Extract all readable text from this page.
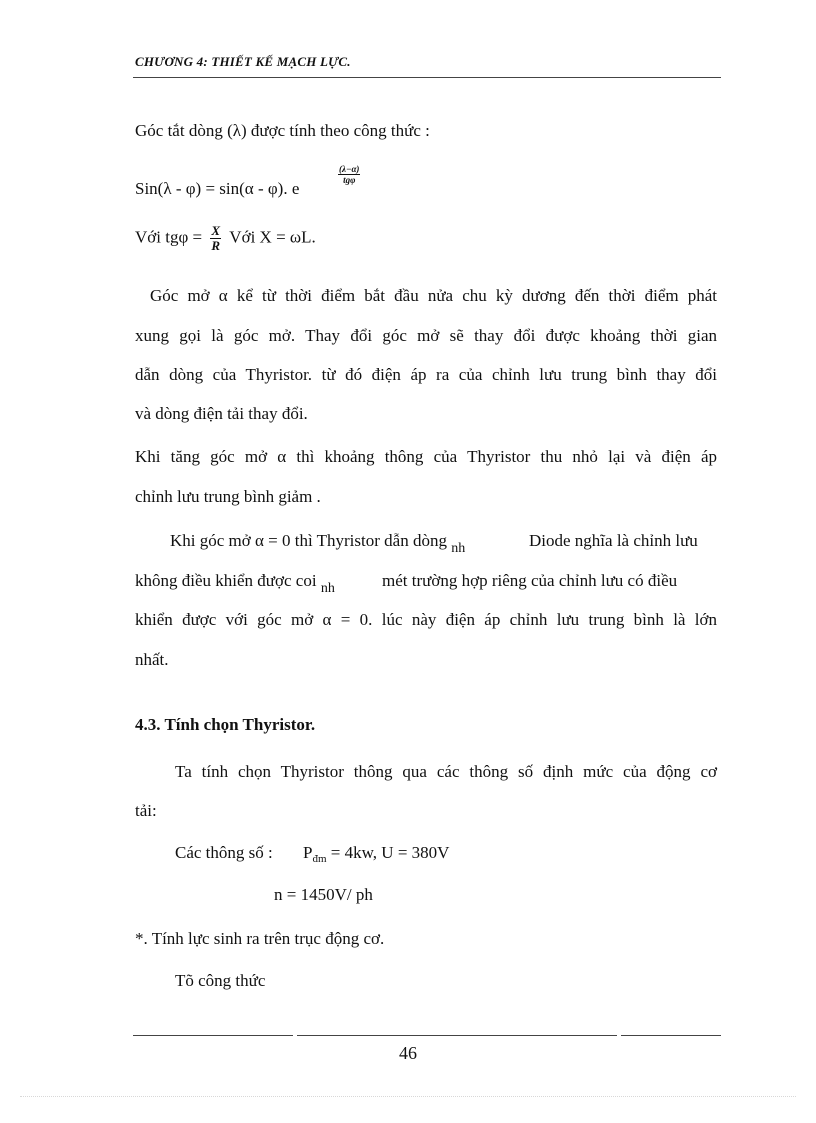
CHƯƠNG 4: THIẾT KẾ MẠCH LỰC.
Góc tắt dòng (λ) được tính theo công thức :
Sin(λ - φ) = sin(α - φ). e
(λ−α)
tgφ
Với $tg\varphi = \frac{X}{R}$ Với X = ωL.
Góc mở α kể từ thời điểm bắt đầu nửa chu kỳ dương đến thời điểm phát
xung gọi là góc mở. Thay đổi góc mở sẽ thay đổi được khoảng thời gian
dẫn dòng của Thyristor. từ đó điện áp ra của chỉnh lưu trung bình thay đổi
và dòng điện tải thay đổi.
Khi tăng góc mở α thì khoảng thông của Thyristor thu nhỏ lại và điện áp
chỉnh lưu trung bình giảm .
Khi góc mở α = 0 thì Thyristor dẫn dòng $_{nh}$	Diode nghĩa là chỉnh lưu
không điều khiển được coi $_{nh}$	mét trường hợp riêng của chỉnh lưu có điều
khiển được với góc mở α = 0. lúc này điện áp chỉnh lưu trung bình là lớn
nhất.
4.3. Tính chọn Thyristor.
Ta tính chọn Thyristor thông qua các thông số định mức của động cơ
tải:
Các thông số : $P_{đm} = 4kw$, U = 380V
n = 1450V/ ph
*. Tính lực sinh ra trên trục động cơ.
Tõ công thức
46
